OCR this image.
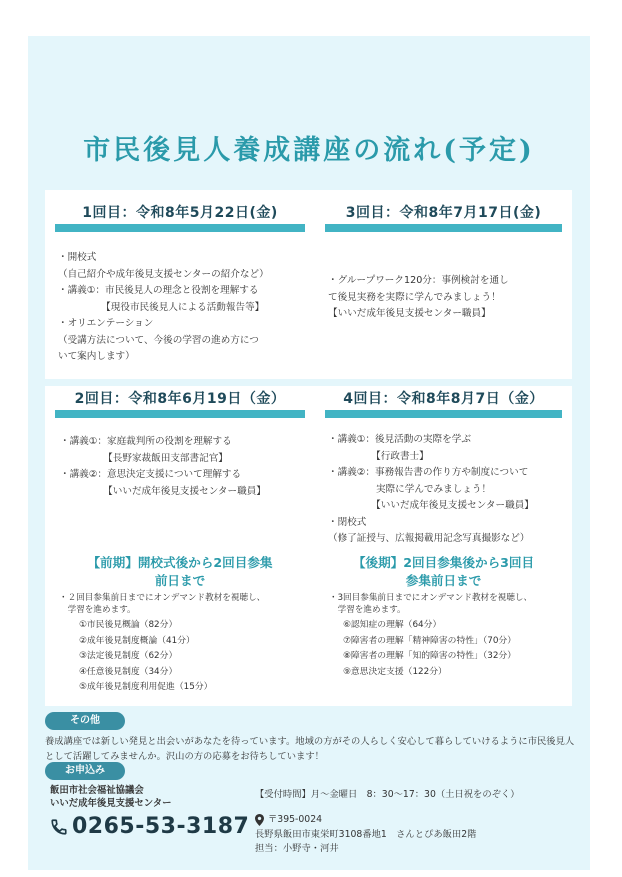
市民後見人養成講座の流れ(予定)
1回目：令和8年5月22日(金)
・開校式
（自己紹介や成年後見支援センターの紹介など）
・講義①：市民後見人の理念と役割を理解する
　　　　　【現役市民後見人による活動報告等】
・オリエンテーション
（受講方法について、今後の学習の進め方につ
いて案内します）
3回目：令和8年7月17日(金)
・グループワーク120分：事例検討を通し
て後見実務を実際に学んでみましょう！
【いいだ成年後見支援センター職員】
2回目：令和8年6月19日（金）
・講義①：家庭裁判所の役割を理解する
　　　　　【長野家裁飯田支部書記官】
・講義②：意思決定支援について理解する
　　　　　【いいだ成年後見支援センター職員】
4回目：令和8年8月7日（金）
・講義①：後見活動の実際を学ぶ
　　　　　【行政書士】
・講義②：事務報告書の作り方や制度について
　　　　　実際に学んでみましょう！
　　　　　【いいだ成年後見支援センター職員】
・閉校式
（修了証授与、広報掲載用記念写真撮影など）
【前期】開校式後から2回目参集
前日まで
・２回目参集前日までにオンデマンド教材を視聴し、
　学習を進めます。
①市民後見概論（82分）
②成年後見制度概論（41分）
③法定後見制度（62分）
④任意後見制度（34分）
⑤成年後見制度利用促進（15分）
【後期】2回目参集後から3回目
参集前日まで
・3回目参集前日までにオンデマンド教材を視聴し、
　学習を進めます。
⑥認知症の理解（64分）
⑦障害者の理解「精神障害の特性」（70分）
⑧障害者の理解「知的障害の特性」（32分）
⑨意思決定支援（122分）
その他

養成講座では新しい発見と出会いがあなたを待っています。地域の方がその人らしく安心して暮らしていけるように市民後見人として活躍してみませんか。沢山の方の応募をお待ちしています！

お申込み
飯田市社会福祉協議会
いいだ成年後見支援センター
0265-53-3187
【受付時間】月～金曜日　8：30～17：30（土日祝をのぞく）
〒395-0024
長野県飯田市東栄町3108番地1　さんとぴあ飯田2階
担当：小野寺・河井
